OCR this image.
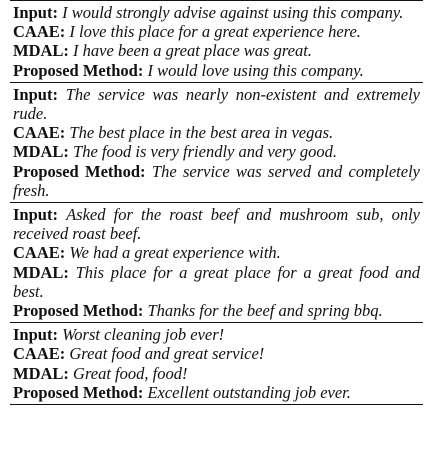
Input: I would strongly advise against using this company.
CAAE: I love this place for a great experience here.
MDAL: I have been a great place was great.
Proposed Method: I would love using this company.
Input: The service was nearly non-existent and extremely rude.
CAAE: The best place in the best area in vegas.
MDAL: The food is very friendly and very good.
Proposed Method: The service was served and completely fresh.
Input: Asked for the roast beef and mushroom sub, only received roast beef.
CAAE: We had a great experience with.
MDAL: This place for a great place for a great food and best.
Proposed Method: Thanks for the beef and spring bbq.
Input: Worst cleaning job ever!
CAAE: Great food and great service!
MDAL: Great food, food!
Proposed Method: Excellent outstanding job ever.
